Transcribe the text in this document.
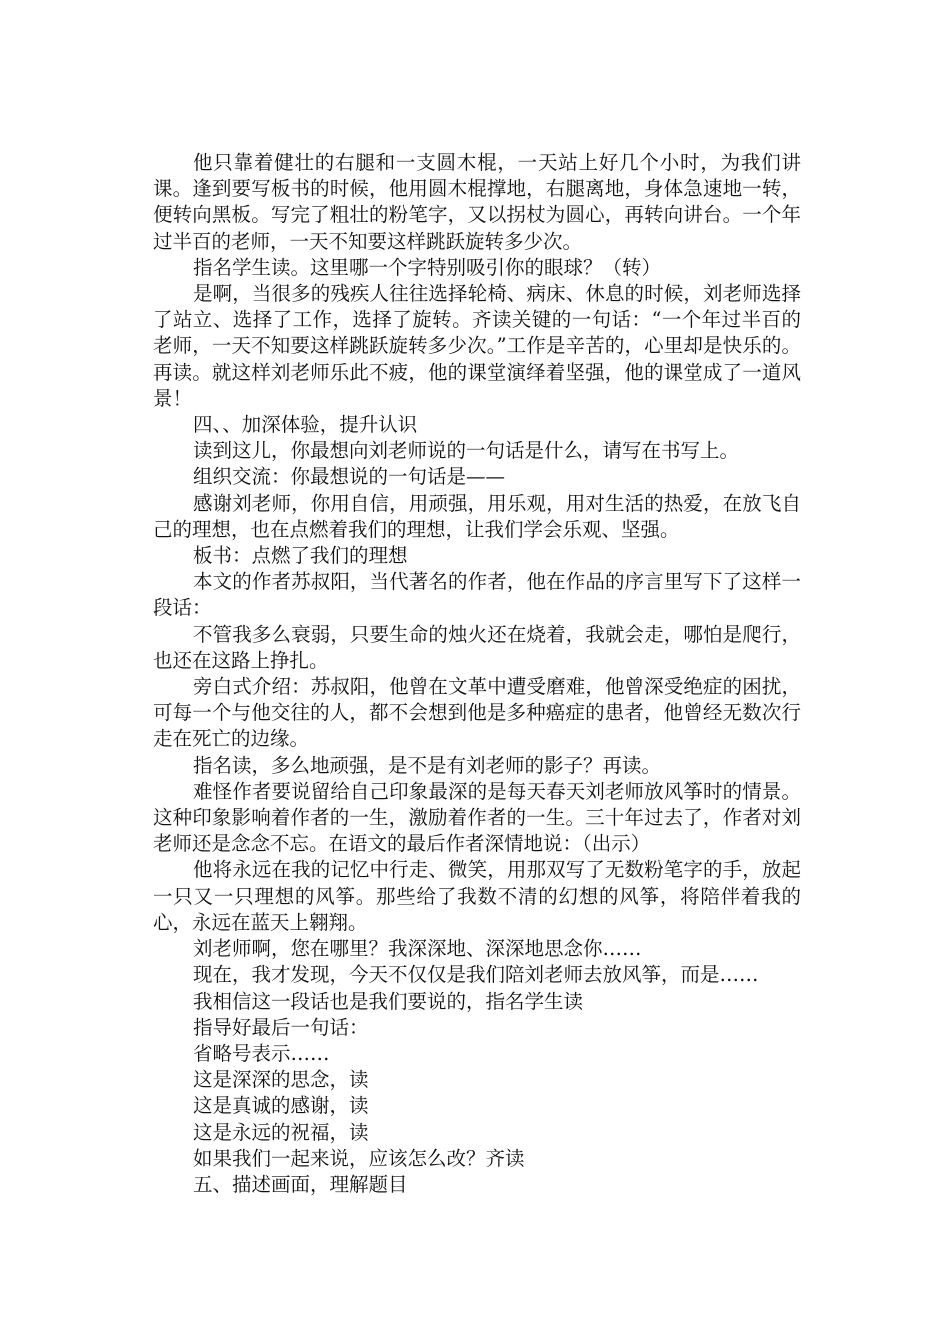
他只靠着健壮的右腿和一支圆木棍，一天站上好几个小时，为我们讲课。逢到要写板书的时候，他用圆木棍撑地，右腿离地，身体急速地一转，便转向黑板。写完了粗壮的粉笔字，又以拐杖为圆心，再转向讲台。一个年过半百的老师，一天不知要这样跳跃旋转多少次。

指名学生读。这里哪一个字特别吸引你的眼球？（转）

是啊，当很多的残疾人往往选择轮椅、病床、休息的时候，刘老师选择了站立、选择了工作，选择了旋转。齐读关键的一句话：“一个年过半百的老师，一天不知要这样跳跃旋转多少次。”工作是辛苦的，心里却是快乐的。再读。就这样刘老师乐此不疲，他的课堂演绎着坚强，他的课堂成了一道风景！

四、、加深体验，提升认识

读到这儿，你最想向刘老师说的一句话是什么，请写在书写上。

组织交流：你最想说的一句话是——

感谢刘老师，你用自信，用顽强，用乐观，用对生活的热爱，在放飞自己的理想，也在点燃着我们的理想，让我们学会乐观、坚强。

板书：点燃了我们的理想

本文的作者苏叔阳，当代著名的作者，他在作品的序言里写下了这样一段话：

不管我多么衰弱，只要生命的烛火还在烧着，我就会走，哪怕是爬行，也还在这路上挣扎。

旁白式介绍：苏叔阳，他曾在文革中遭受磨难，他曾深受绝症的困扰，可每一个与他交往的人，都不会想到他是多种癌症的患者，他曾经无数次行走在死亡的边缘。

指名读，多么地顽强，是不是有刘老师的影子？再读。

难怪作者要说留给自己印象最深的是每天春天刘老师放风筝时的情景。这种印象影响着作者的一生，激励着作者的一生。三十年过去了，作者对刘老师还是念念不忘。在语文的最后作者深情地说：（出示）

他将永远在我的记忆中行走、微笑，用那双写了无数粉笔字的手，放起一只又一只理想的风筝。那些给了我数不清的幻想的风筝，将陪伴着我的心，永远在蓝天上翱翔。

刘老师啊，您在哪里？我深深地、深深地思念你……

现在，我才发现，今天不仅仅是我们陪刘老师去放风筝，而是……

我相信这一段话也是我们要说的，指名学生读

指导好最后一句话：

省略号表示……

这是深深的思念，读

这是真诚的感谢，读

这是永远的祝福，读

如果我们一起来说，应该怎么改？齐读

五、描述画面，理解题目
